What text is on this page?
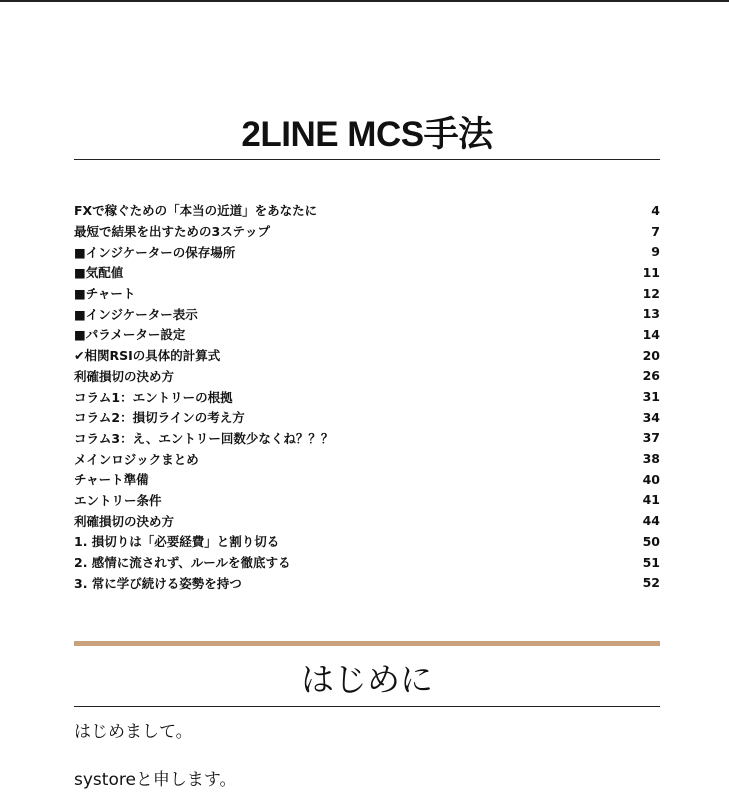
2LINE MCS手法
FXで稼ぐための「本当の近道」をあなたに	4
最短で結果を出すための3ステップ	7
■インジケーターの保存場所	9
■気配値	11
■チャート	12
■インジケーター表示	13
■パラメーター設定	14
✔相関RSIの具体的計算式	20
利確損切の決め方	26
コラム1：エントリーの根拠	31
コラム2：損切ラインの考え方	34
コラム3：え、エントリー回数少なくね？？？	37
メインロジックまとめ	38
チャート準備	40
エントリー条件	41
利確損切の決め方	44
1. 損切りは「必要経費」と割り切る	50
2. 感情に流されず、ルールを徹底する	51
3. 常に学び続ける姿勢を持つ	52
はじめに

はじめまして。

systoreと申します。
